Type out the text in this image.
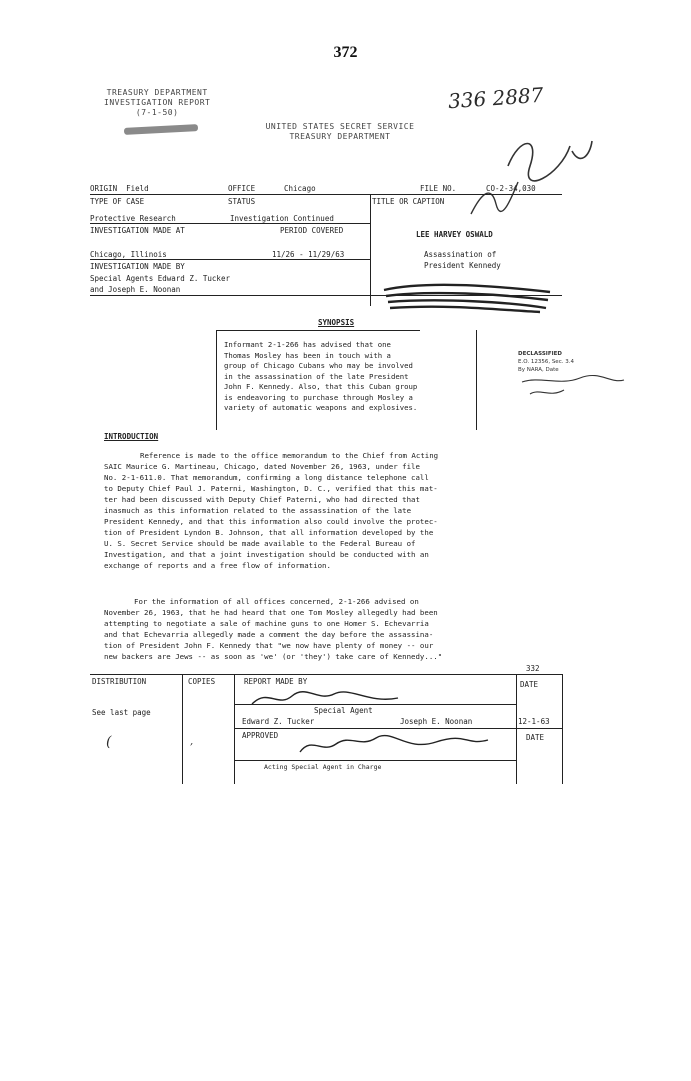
372
TREASURY DEPARTMENT
INVESTIGATION REPORT
(7-1-50)
UNITED STATES SECRET SERVICE
TREASURY DEPARTMENT
336 2887
ORIGIN Field	OFFICE	Chicago	FILE NO.	CO-2-34,030
TYPE OF CASE	STATUS	TITLE OR CAPTION
Protective Research	Investigation Continued
INVESTIGATION MADE AT	PERIOD COVERED	LEE HARVEY OSWALD
Chicago, Illinois	11/26 - 11/29/63	Assassination of
President Kennedy
INVESTIGATION MADE BY
Special Agents Edward Z. Tucker
and Joseph E. Noonan
SYNOPSIS
Informant 2-1-266 has advised that one
Thomas Mosley has been in touch with a
group of Chicago Cubans who may be involved
in the assassination of the late President
John F. Kennedy. Also, that this Cuban group
is endeavoring to purchase through Mosley a
variety of automatic weapons and explosives.
DECLASSIFIED
E.O. 12356, Sec. 3.4
By NARA, Date
INTRODUCTION
Reference is made to the office memorandum to the Chief from Acting
SAIC Maurice G. Martineau, Chicago, dated November 26, 1963, under file
No. 2-1-611.0. That memorandum, confirming a long distance telephone call
to Deputy Chief Paul J. Paterni, Washington, D. C., verified that this mat-
ter had been discussed with Deputy Chief Paterni, who had directed that
inasmuch as this information related to the assassination of the late
President Kennedy, and that this information also could involve the protec-
tion of President Lyndon B. Johnson, that all information developed by the
U. S. Secret Service should be made available to the Federal Bureau of
Investigation, and that a joint investigation should be conducted with an
exchange of reports and a free flow of information.
For the information of all offices concerned, 2-1-266 advised on
November 26, 1963, that he had heard that one Tom Mosley allegedly had been
attempting to negotiate a sale of machine guns to one Homer S. Echevarria
and that Echevarria allegedly made a comment the day before the assassina-
tion of President John F. Kennedy that "we now have plenty of money -- our
new backers are Jews -- as soon as 'we' (or 'they') take care of Kennedy..."
332
DISTRIBUTION	COPIES	REPORT MADE BY	DATE
Special Agent
See last page
Edward Z. Tucker	Joseph E. Noonan	12-1-63
APPROVED	DATE
Acting Special Agent in Charge
(	,
